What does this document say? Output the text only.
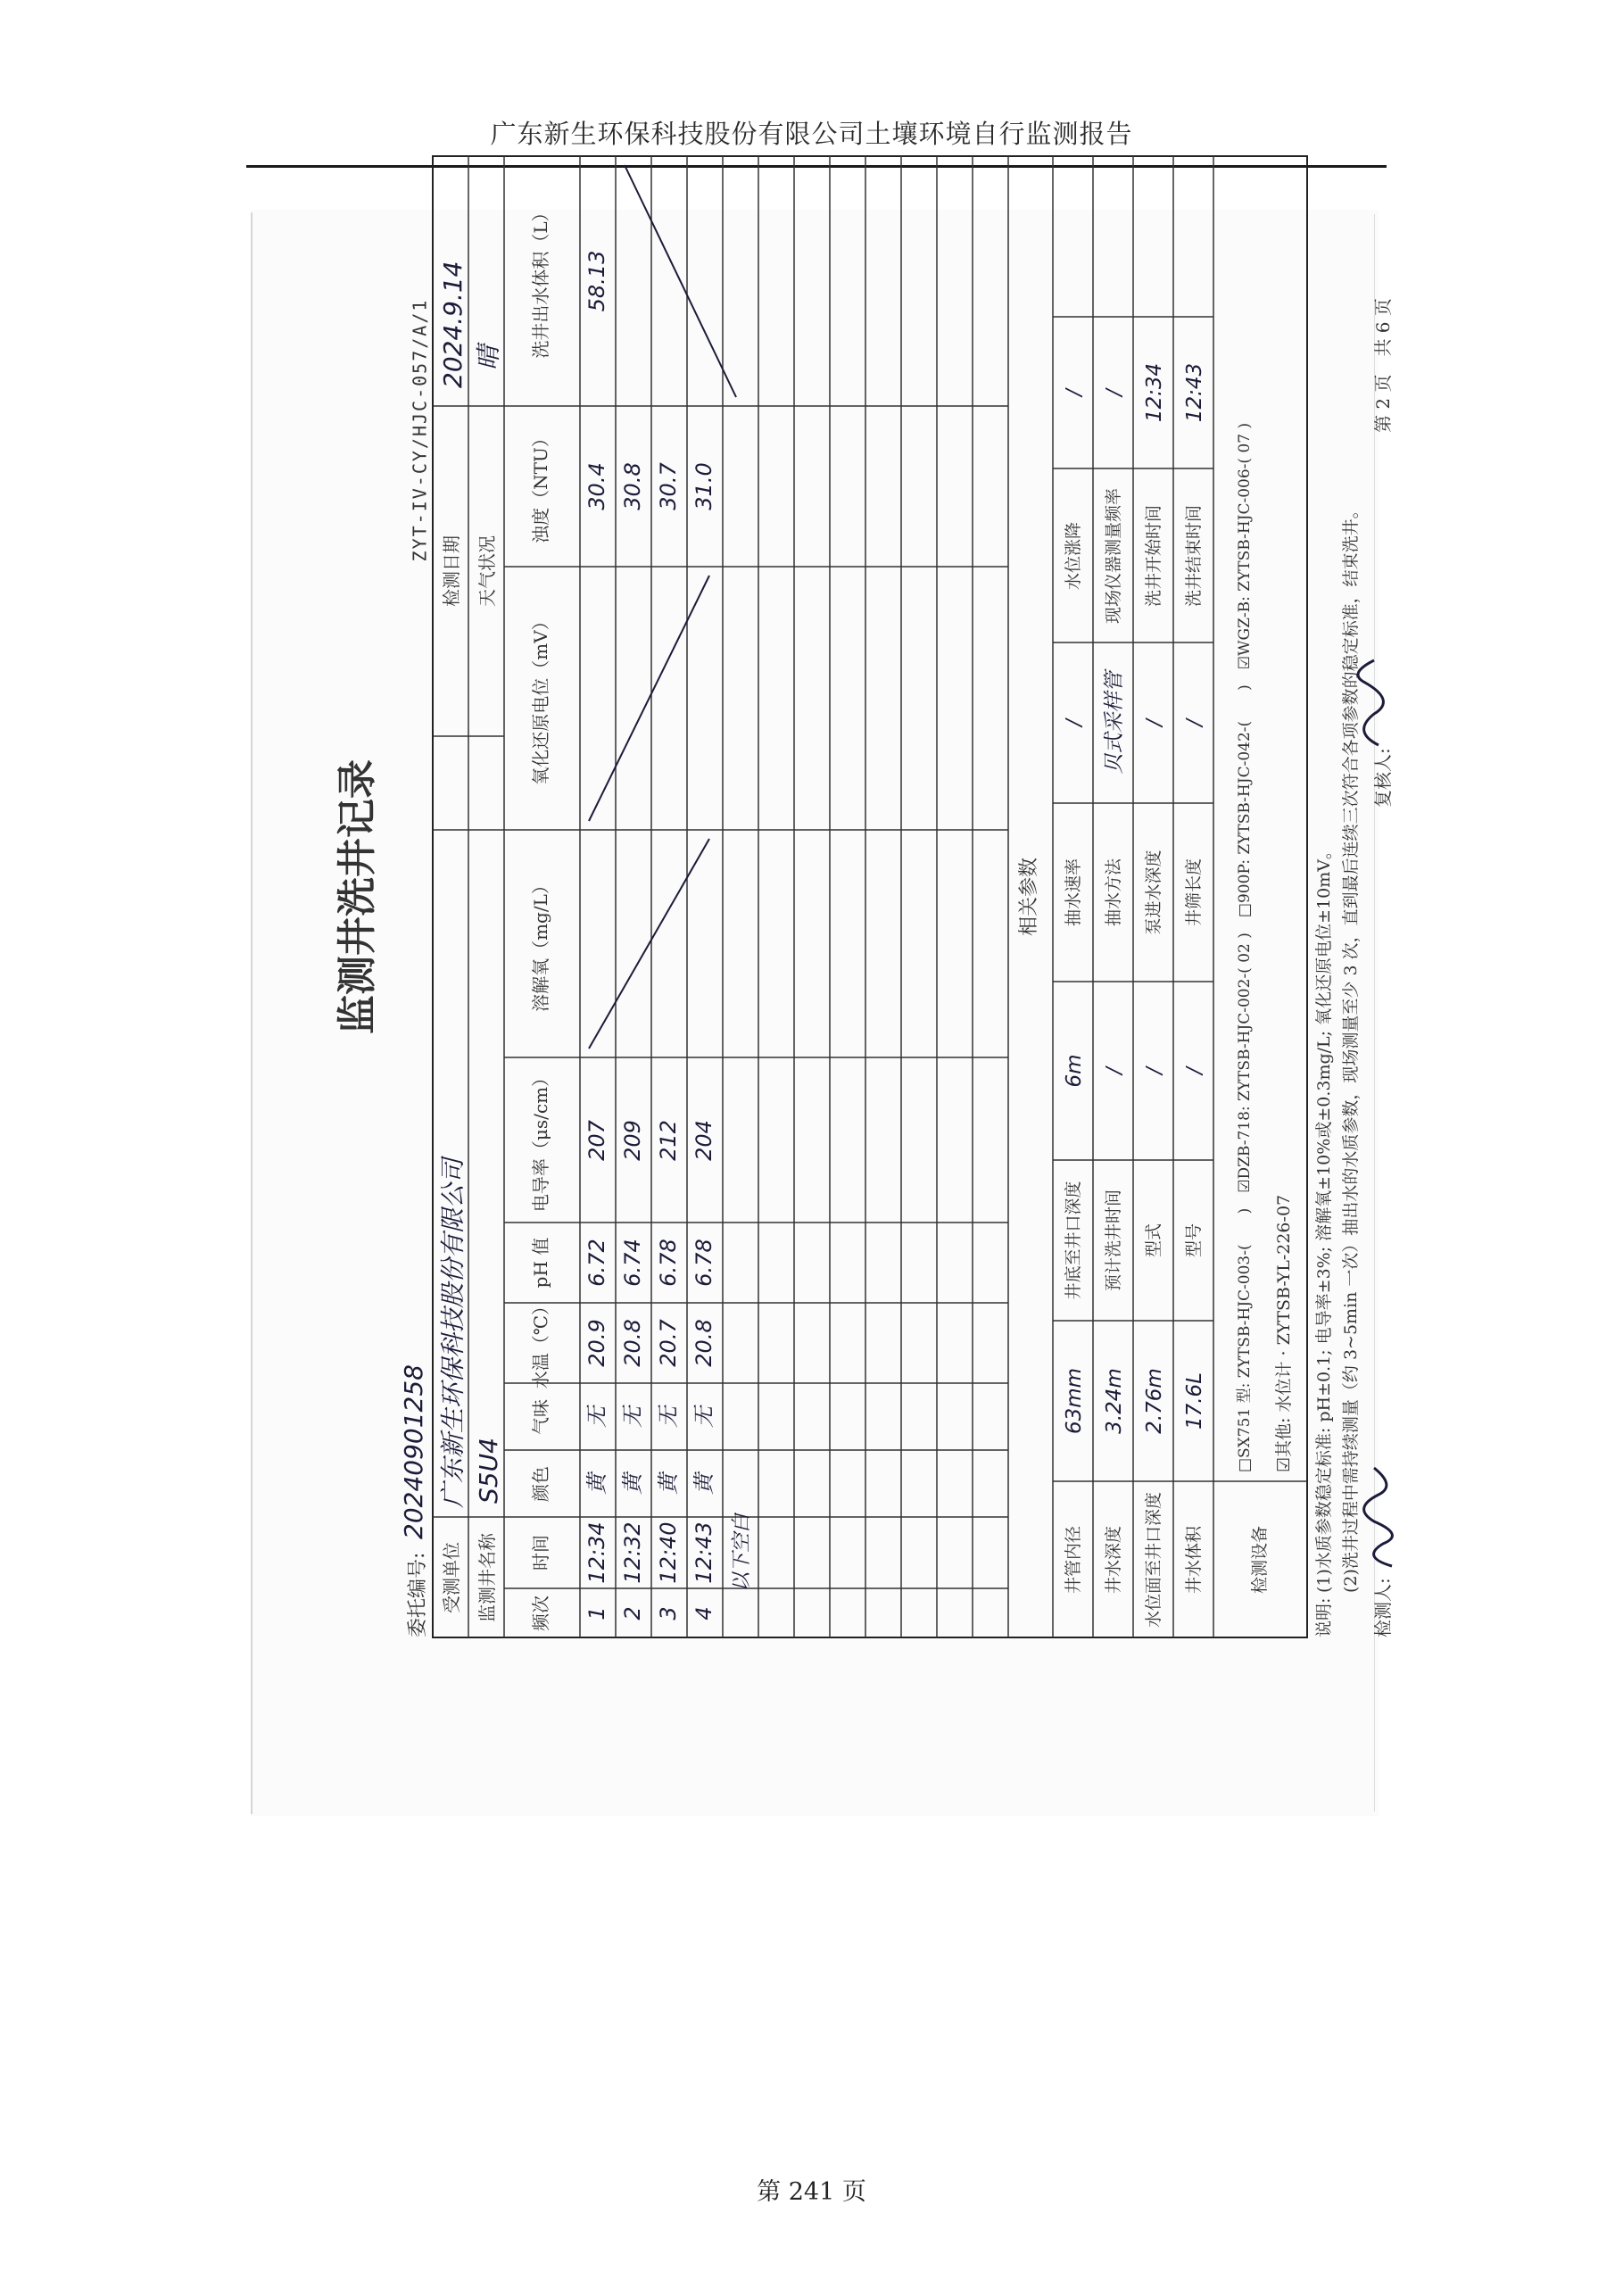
广东新生环保科技股份有限公司土壤环境自行监测报告
ZYT-IV-CY/HJC-057/A/1
监测井洗井记录
委托编号:
20240901258
受测单位
广东新生环保科技股份有限公司
检测日期
2024.9.14
监测井名称
S5U4
天气状况
晴
频次
时间
颜色
气味
水温（℃）
pH 值
电导率（μs/cm）
溶解氧（mg/L）
氧化还原电位（mV）
浊度（NTU）
洗井出水体积（L）
1
12:34
黄
无
20.9
6.72
207
30.4
58.13
2
12:32
黄
无
20.8
6.74
209
30.8
3
12:40
黄
无
20.7
6.78
212
30.7
4
12:43
黄
无
20.8
6.78
204
31.0
以下空白
相关参数
井管内径
63mm
井底至井口深度
6m
抽水速率
/
水位涨降
/
井水深度
3.24m
预计洗井时间
/
抽水方法
贝式采样管
现场仪器测量频率
/
水位面至井口深度
2.76m
型式
/
泵进水深度
/
洗井开始时间
12:34
井水体积
17.6L
型号
/
井筛长度
/
洗井结束时间
12:43
检测设备
□SX751 型: ZYTSB-HJC-003-(　　)　☑DZB-718: ZYTSB-HJC-002-( 02 )　□900P: ZYTSB-HJC-042-(　　)　☑WGZ-B: ZYTSB-HJC-006-( 07 ) ☑其他: 水位计 · ZYTSB-YL-226-07
说明:
(1)水质参数稳定标准: pH±0.1; 电导率±3%; 溶解氧±10%或±0.3mg/L; 氧化还原电位±10mV。 (2)洗井过程中需持续测量（约 3~5min 一次）抽出水的水质参数，现场测量至少 3 次，直到最后连续三次符合各项参数的稳定标准，结束洗井。
检测人:
复核人:
第 2 页　共 6 页
第 241 页
